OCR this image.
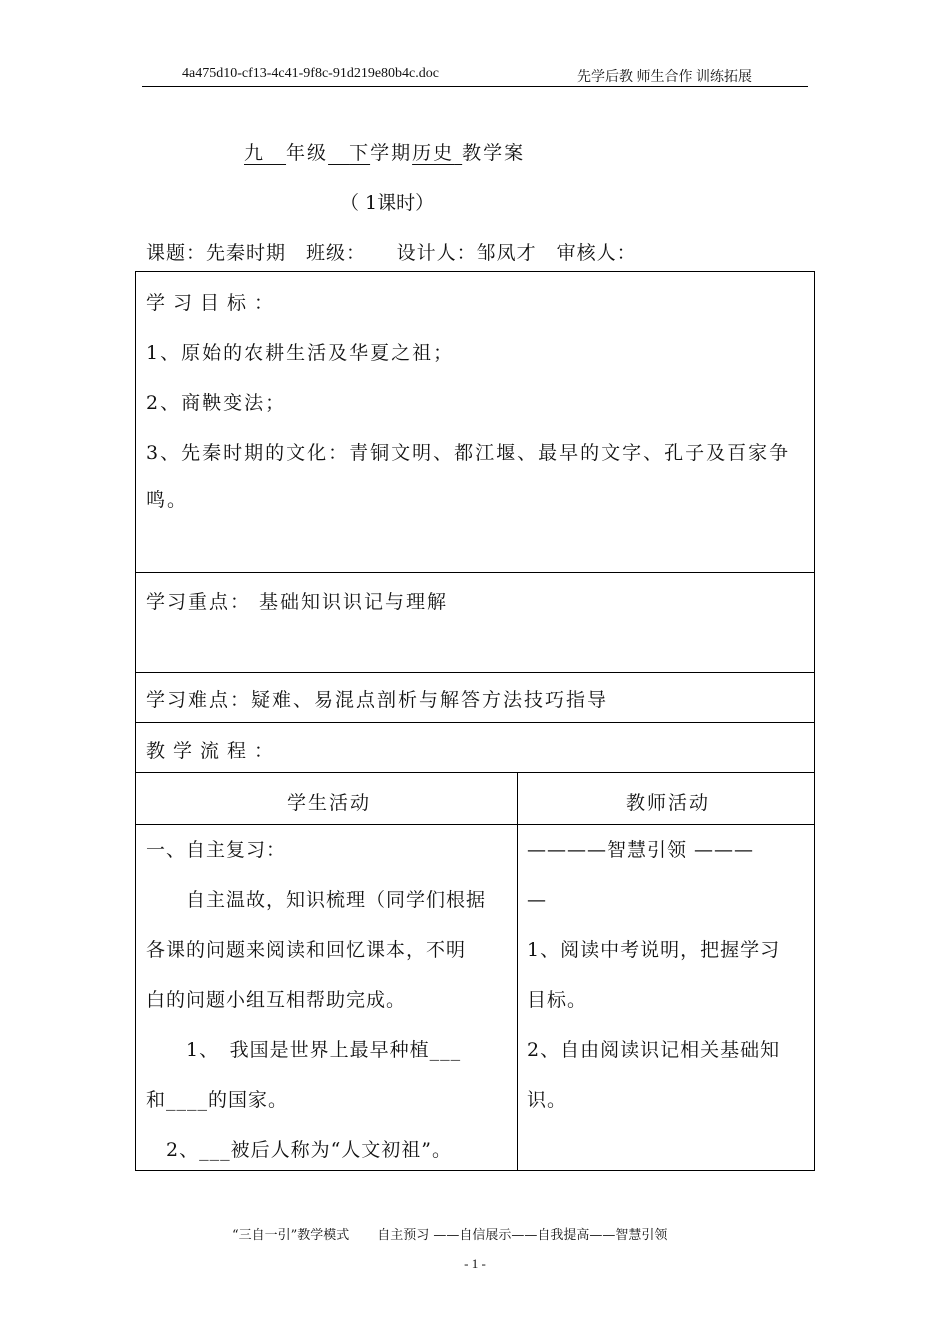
4a475d10-cf13-4c41-9f8c-91d219e80b4c.doc	先学后教 师生合作 训练拓展
九　 年级　 下学期历史 教学案
（ 1课时）
课题：先秦时期　 班级：　　 设计人：邹凤才　 审核人：
学习目标：
1、原始的农耕生活及华夏之祖；
2、商鞅变法；
3、先秦时期的文化：青铜文明、都江堰、最早的文字、孔子及百家争
鸣。
学习重点： 基础知识识记与理解
学习难点：疑难、易混点剖析与解答方法技巧指导
教学流程：
学生活动	教师活动
一、自主复习：
　　自主温故，知识梳理（同学们根据
各课的问题来阅读和回忆课本，不明
白的问题小组互相帮助完成。
　　1、　我国是世界上最早种植___
和____的国家。
　2、___被后人称为“人文初祖”。
————智慧引领 ———
—
1、阅读中考说明，把握学习
目标。
2、自由阅读识记相关基础知
识。
“三自一引”教学模式 自主预习 ——自信展示——自我提高——智慧引领
- 1 -
